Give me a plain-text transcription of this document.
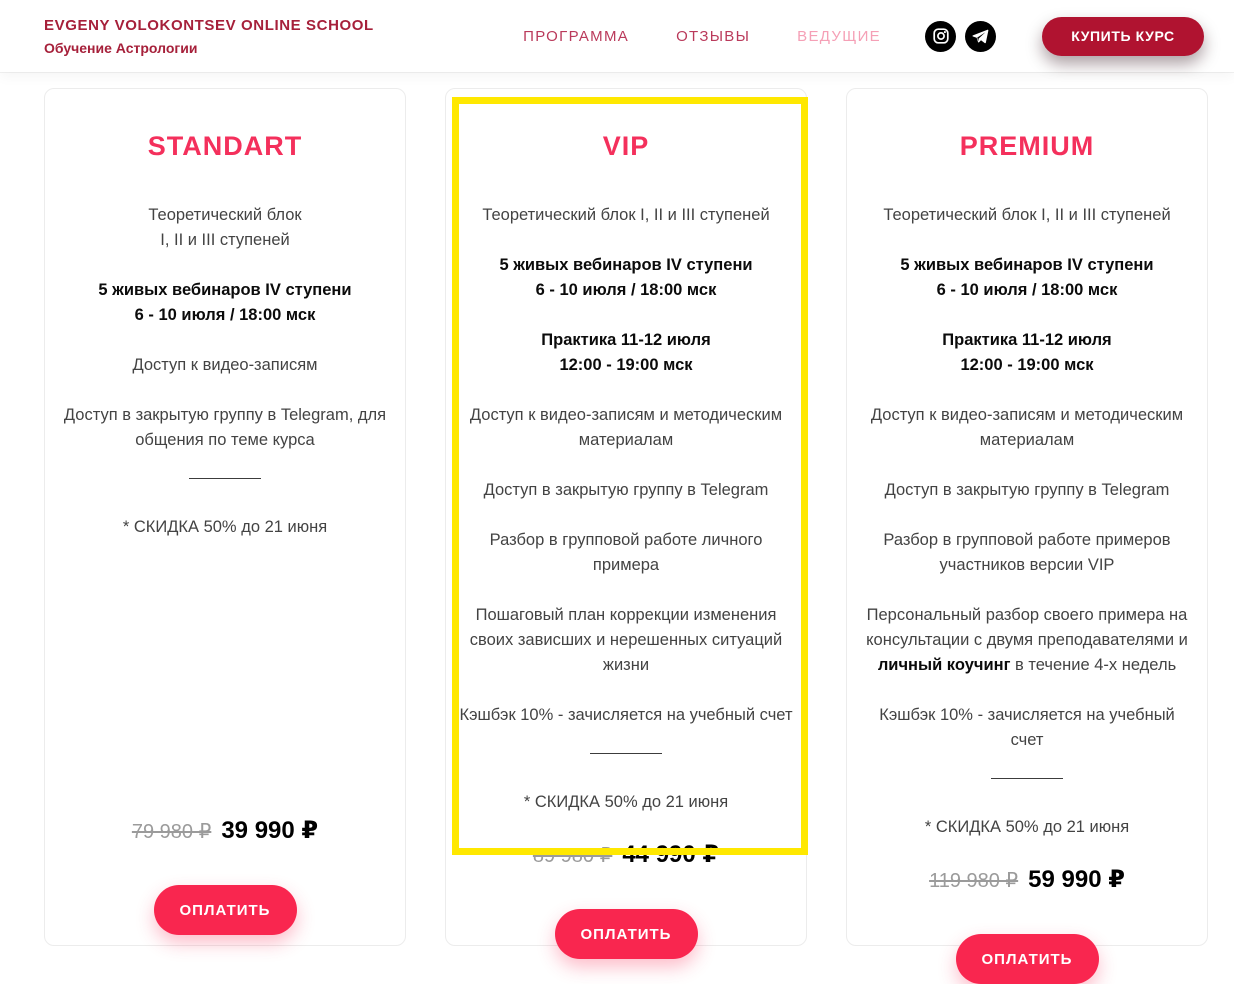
EVGENY VOLOKONTSEV ONLINE SCHOOL
Обучение Астрологии
ПРОГРАММА	ОТЗЫВЫ	ВЕДУЩИЕ	КУПИТЬ КУРС
STANDART
Теоретический блок
I, II и III ступеней
5 живых вебинаров IV ступени
6 - 10 июля / 18:00 мск
Доступ к видео-записям
Доступ в закрытую группу в Telegram, для
общения по теме курса
* СКИДКА 50% до 21 июня
79 980 ₽ 39 990 ₽
ОПЛАТИТЬ
VIP
Теоретический блок I, II и III ступеней
5 живых вебинаров IV ступени
6 - 10 июля / 18:00 мск
Практика 11-12 июля
12:00 - 19:00 мск
Доступ к видео-записям и методическим
материалам
Доступ в закрытую группу в Telegram
Разбор в групповой работе личного
примера
Пошаговый план коррекции изменения
своих зависших и нерешенных ситуаций
жизни
Кэшбэк 10% - зачисляется на учебный счет
* СКИДКА 50% до 21 июня
89 980 ₽ 44 990 ₽
ОПЛАТИТЬ
PREMIUM
Теоретический блок I, II и III ступеней
5 живых вебинаров IV ступени
6 - 10 июля / 18:00 мск
Практика 11-12 июля
12:00 - 19:00 мск
Доступ к видео-записям и методическим
материалам
Доступ в закрытую группу в Telegram
Разбор в групповой работе примеров
участников версии VIP
Персональный разбор своего примера на
консультации с двумя преподавателями и
личный коучинг в течение 4-х недель
Кэшбэк 10% - зачисляется на учебный
счет
* СКИДКА 50% до 21 июня
119 980 ₽ 59 990 ₽
ОПЛАТИТЬ
